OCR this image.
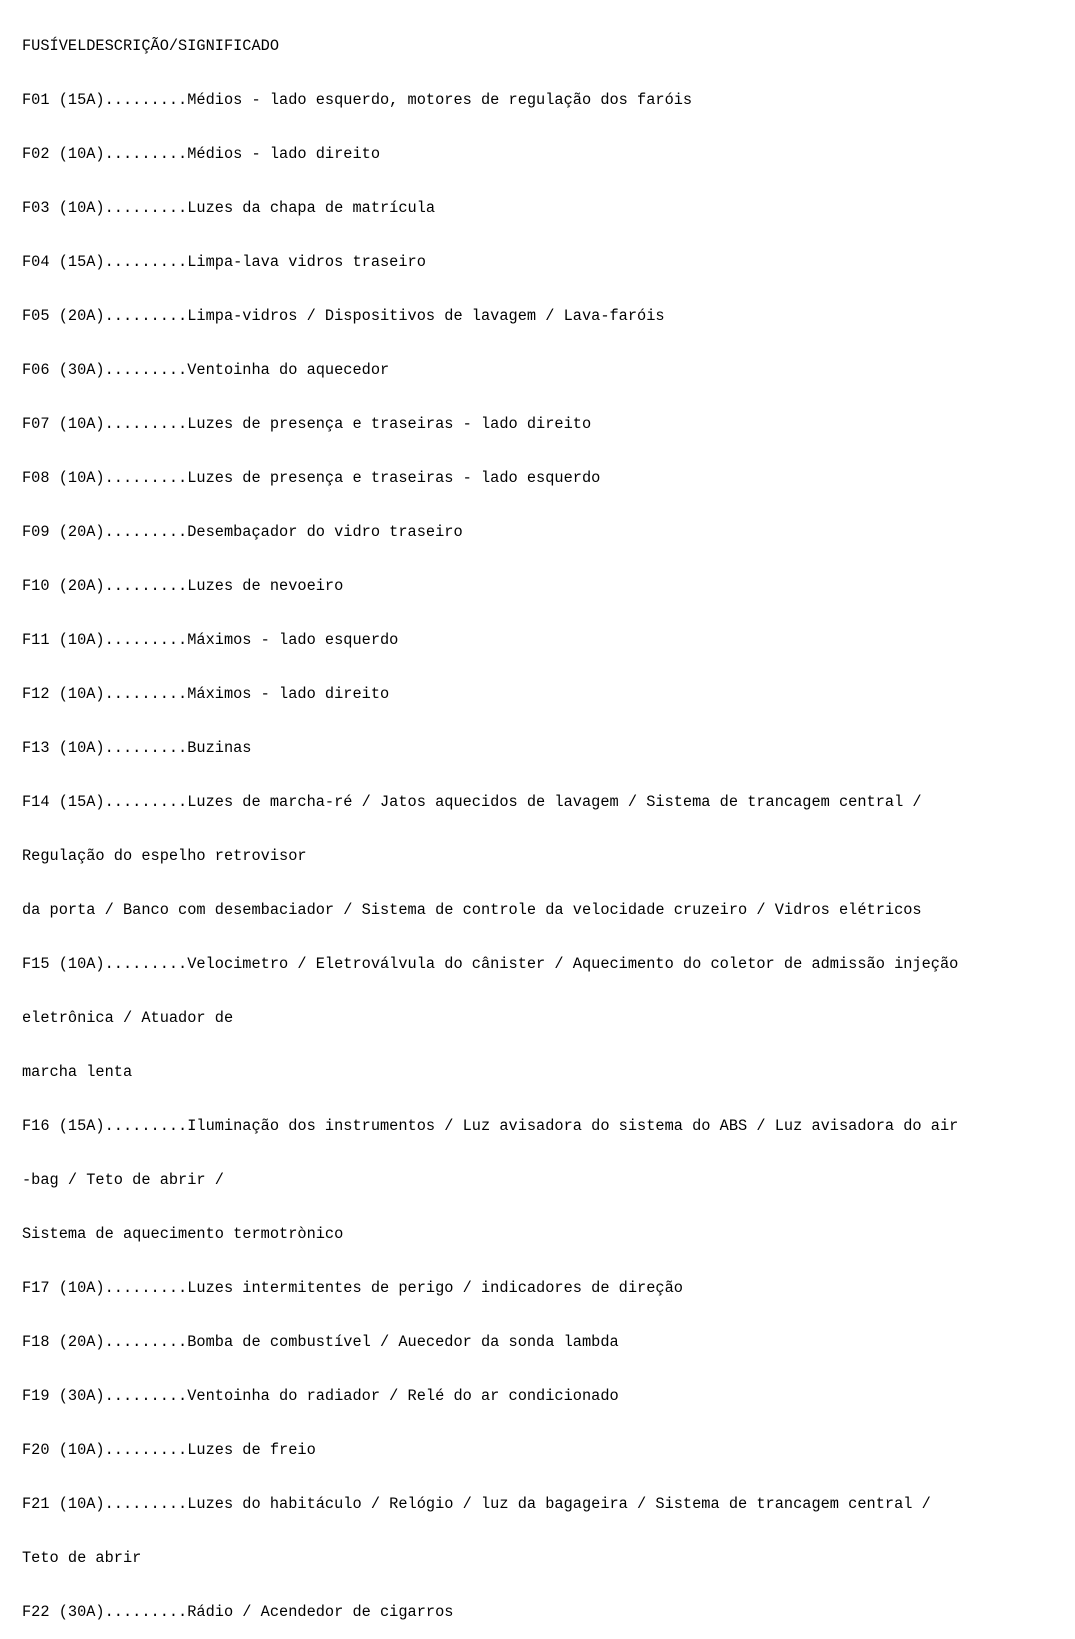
FUSÍVELDESCRIÇÃO/SIGNIFICADO

F01 (15A).........Médios - lado esquerdo, motores de regulação dos faróis

F02 (10A).........Médios - lado direito

F03 (10A).........Luzes da chapa de matrícula

F04 (15A).........Limpa-lava vidros traseiro

F05 (20A).........Limpa-vidros / Dispositivos de lavagem / Lava-faróis

F06 (30A).........Ventoinha do aquecedor

F07 (10A).........Luzes de presença e traseiras - lado direito

F08 (10A).........Luzes de presença e traseiras - lado esquerdo

F09 (20A).........Desembaçador do vidro traseiro

F10 (20A).........Luzes de nevoeiro

F11 (10A).........Máximos - lado esquerdo

F12 (10A).........Máximos - lado direito

F13 (10A).........Buzinas

F14 (15A).........Luzes de marcha-ré / Jatos aquecidos de lavagem / Sistema de trancagem central /

Regulação do espelho retrovisor

da porta / Banco com desembaciador / Sistema de controle da velocidade cruzeiro / Vidros elétricos

F15 (10A).........Velocimetro / Eletroválvula do cânister / Aquecimento do coletor de admissão injeção

eletrônica / Atuador de

marcha lenta

F16 (15A).........Iluminação dos instrumentos / Luz avisadora do sistema do ABS / Luz avisadora do air

-bag / Teto de abrir /

Sistema de aquecimento termotrònico

F17 (10A).........Luzes intermitentes de perigo / indicadores de direção

F18 (20A).........Bomba de combustível / Auecedor da sonda lambda

F19 (30A).........Ventoinha do radiador / Relé do ar condicionado

F20 (10A).........Luzes de freio

F21 (10A).........Luzes do habitáculo / Relógio / luz da bagageira / Sistema de trancagem central /

Teto de abrir

F22 (30A).........Rádio / Acendedor de cigarros
